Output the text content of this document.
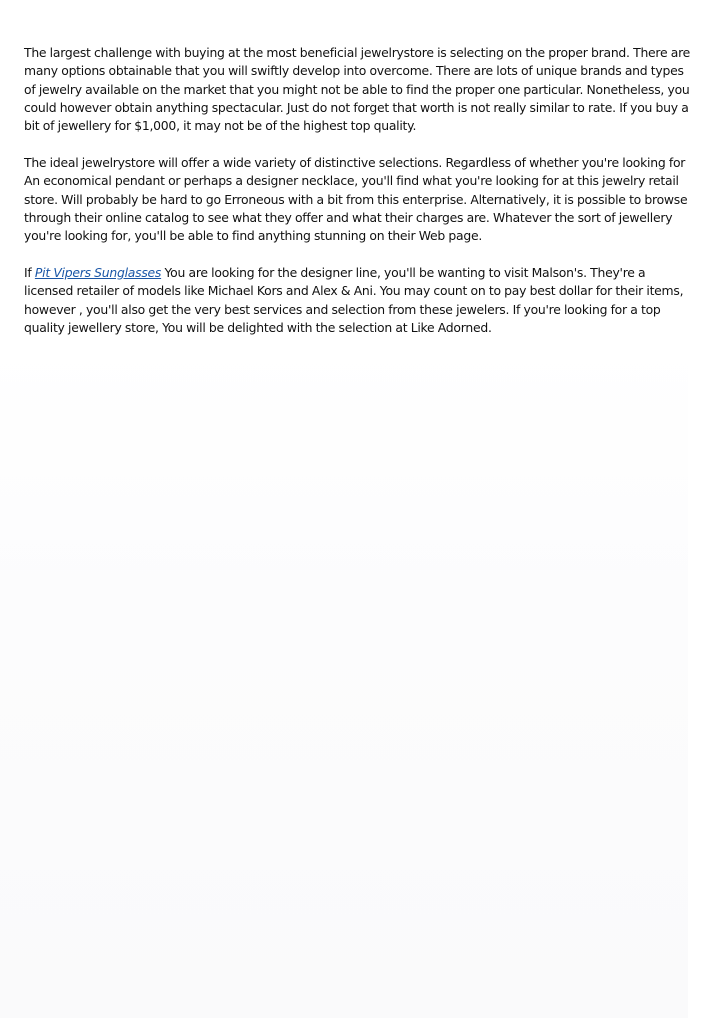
The largest challenge with buying at the most beneficial jewelrystore is selecting on the proper brand. There are many options obtainable that you will swiftly develop into overcome. There are lots of unique brands and types of jewelry available on the market that you might not be able to find the proper one particular. Nonetheless, you could however obtain anything spectacular. Just do not forget that worth is not really similar to rate. If you buy a bit of jewellery for $1,000, it may not be of the highest top quality.

The ideal jewelrystore will offer a wide variety of distinctive selections. Regardless of whether you're looking for An economical pendant or perhaps a designer necklace, you'll find what you're looking for at this jewelry retail store. Will probably be hard to go Erroneous with a bit from this enterprise. Alternatively, it is possible to browse through their online catalog to see what they offer and what their charges are. Whatever the sort of jewellery you're looking for, you'll be able to find anything stunning on their Web page.

If Pit Vipers Sunglasses You are looking for the designer line, you'll be wanting to visit Malson's. They're a licensed retailer of models like Michael Kors and Alex & Ani. You may count on to pay best dollar for their items, however , you'll also get the very best services and selection from these jewelers. If you're looking for a top quality jewellery store, You will be delighted with the selection at Like Adorned.
